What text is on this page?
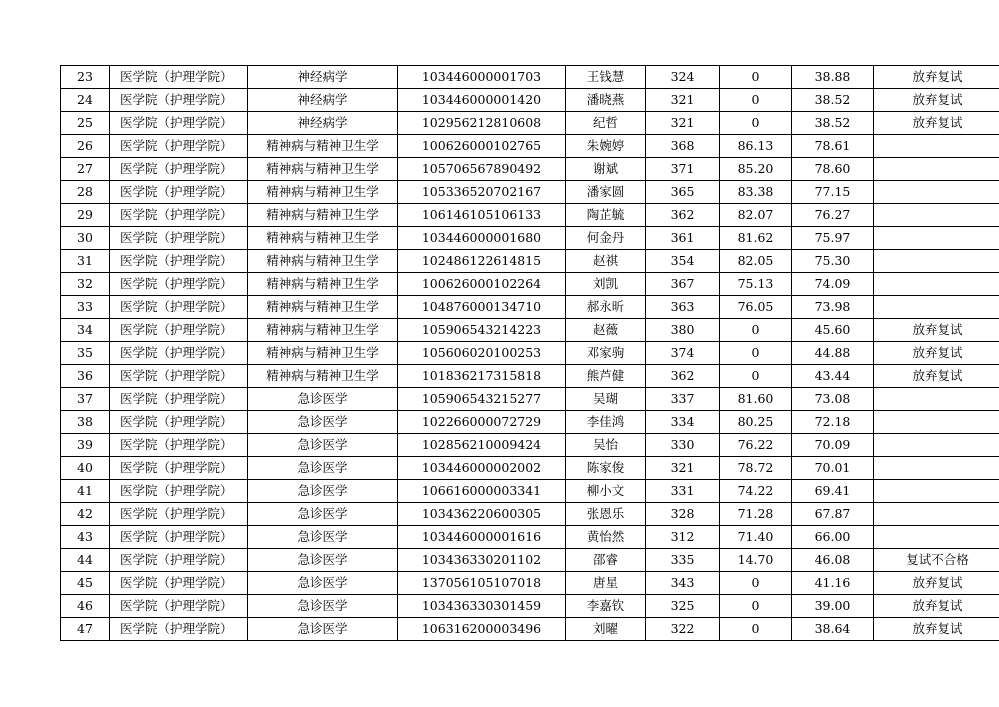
23	医学院（护理学院）	神经病学	103446000001703	王钱慧	324	0	38.88	放弃复试
24	医学院（护理学院）	神经病学	103446000001420	潘晓燕	321	0	38.52	放弃复试
25	医学院（护理学院）	神经病学	102956212810608	纪哲	321	0	38.52	放弃复试
26	医学院（护理学院）	精神病与精神卫生学	100626000102765	朱婉婷	368	86.13	78.61	
27	医学院（护理学院）	精神病与精神卫生学	105706567890492	谢斌	371	85.20	78.60	
28	医学院（护理学院）	精神病与精神卫生学	105336520702167	潘家圆	365	83.38	77.15	
29	医学院（护理学院）	精神病与精神卫生学	106146105106133	陶芷毓	362	82.07	76.27	
30	医学院（护理学院）	精神病与精神卫生学	103446000001680	何金丹	361	81.62	75.97	
31	医学院（护理学院）	精神病与精神卫生学	102486122614815	赵祺	354	82.05	75.30	
32	医学院（护理学院）	精神病与精神卫生学	100626000102264	刘凯	367	75.13	74.09	
33	医学院（护理学院）	精神病与精神卫生学	104876000134710	郝永昕	363	76.05	73.98	
34	医学院（护理学院）	精神病与精神卫生学	105906543214223	赵薇	380	0	45.60	放弃复试
35	医学院（护理学院）	精神病与精神卫生学	105606020100253	邓家驹	374	0	44.88	放弃复试
36	医学院（护理学院）	精神病与精神卫生学	101836217315818	熊芦健	362	0	43.44	放弃复试
37	医学院（护理学院）	急诊医学	105906543215277	吴瑚	337	81.60	73.08	
38	医学院（护理学院）	急诊医学	102266000072729	李佳鸿	334	80.25	72.18	
39	医学院（护理学院）	急诊医学	102856210009424	吴怡	330	76.22	70.09	
40	医学院（护理学院）	急诊医学	103446000002002	陈家俊	321	78.72	70.01	
41	医学院（护理学院）	急诊医学	106616000003341	柳小文	331	74.22	69.41	
42	医学院（护理学院）	急诊医学	103436220600305	张恩乐	328	71.28	67.87	
43	医学院（护理学院）	急诊医学	103446000001616	黄怡然	312	71.40	66.00	
44	医学院（护理学院）	急诊医学	103436330201102	邵睿	335	14.70	46.08	复试不合格
45	医学院（护理学院）	急诊医学	137056105107018	唐星	343	0	41.16	放弃复试
46	医学院（护理学院）	急诊医学	103436330301459	李嘉钦	325	0	39.00	放弃复试
47	医学院（护理学院）	急诊医学	106316200003496	刘曜	322	0	38.64	放弃复试
